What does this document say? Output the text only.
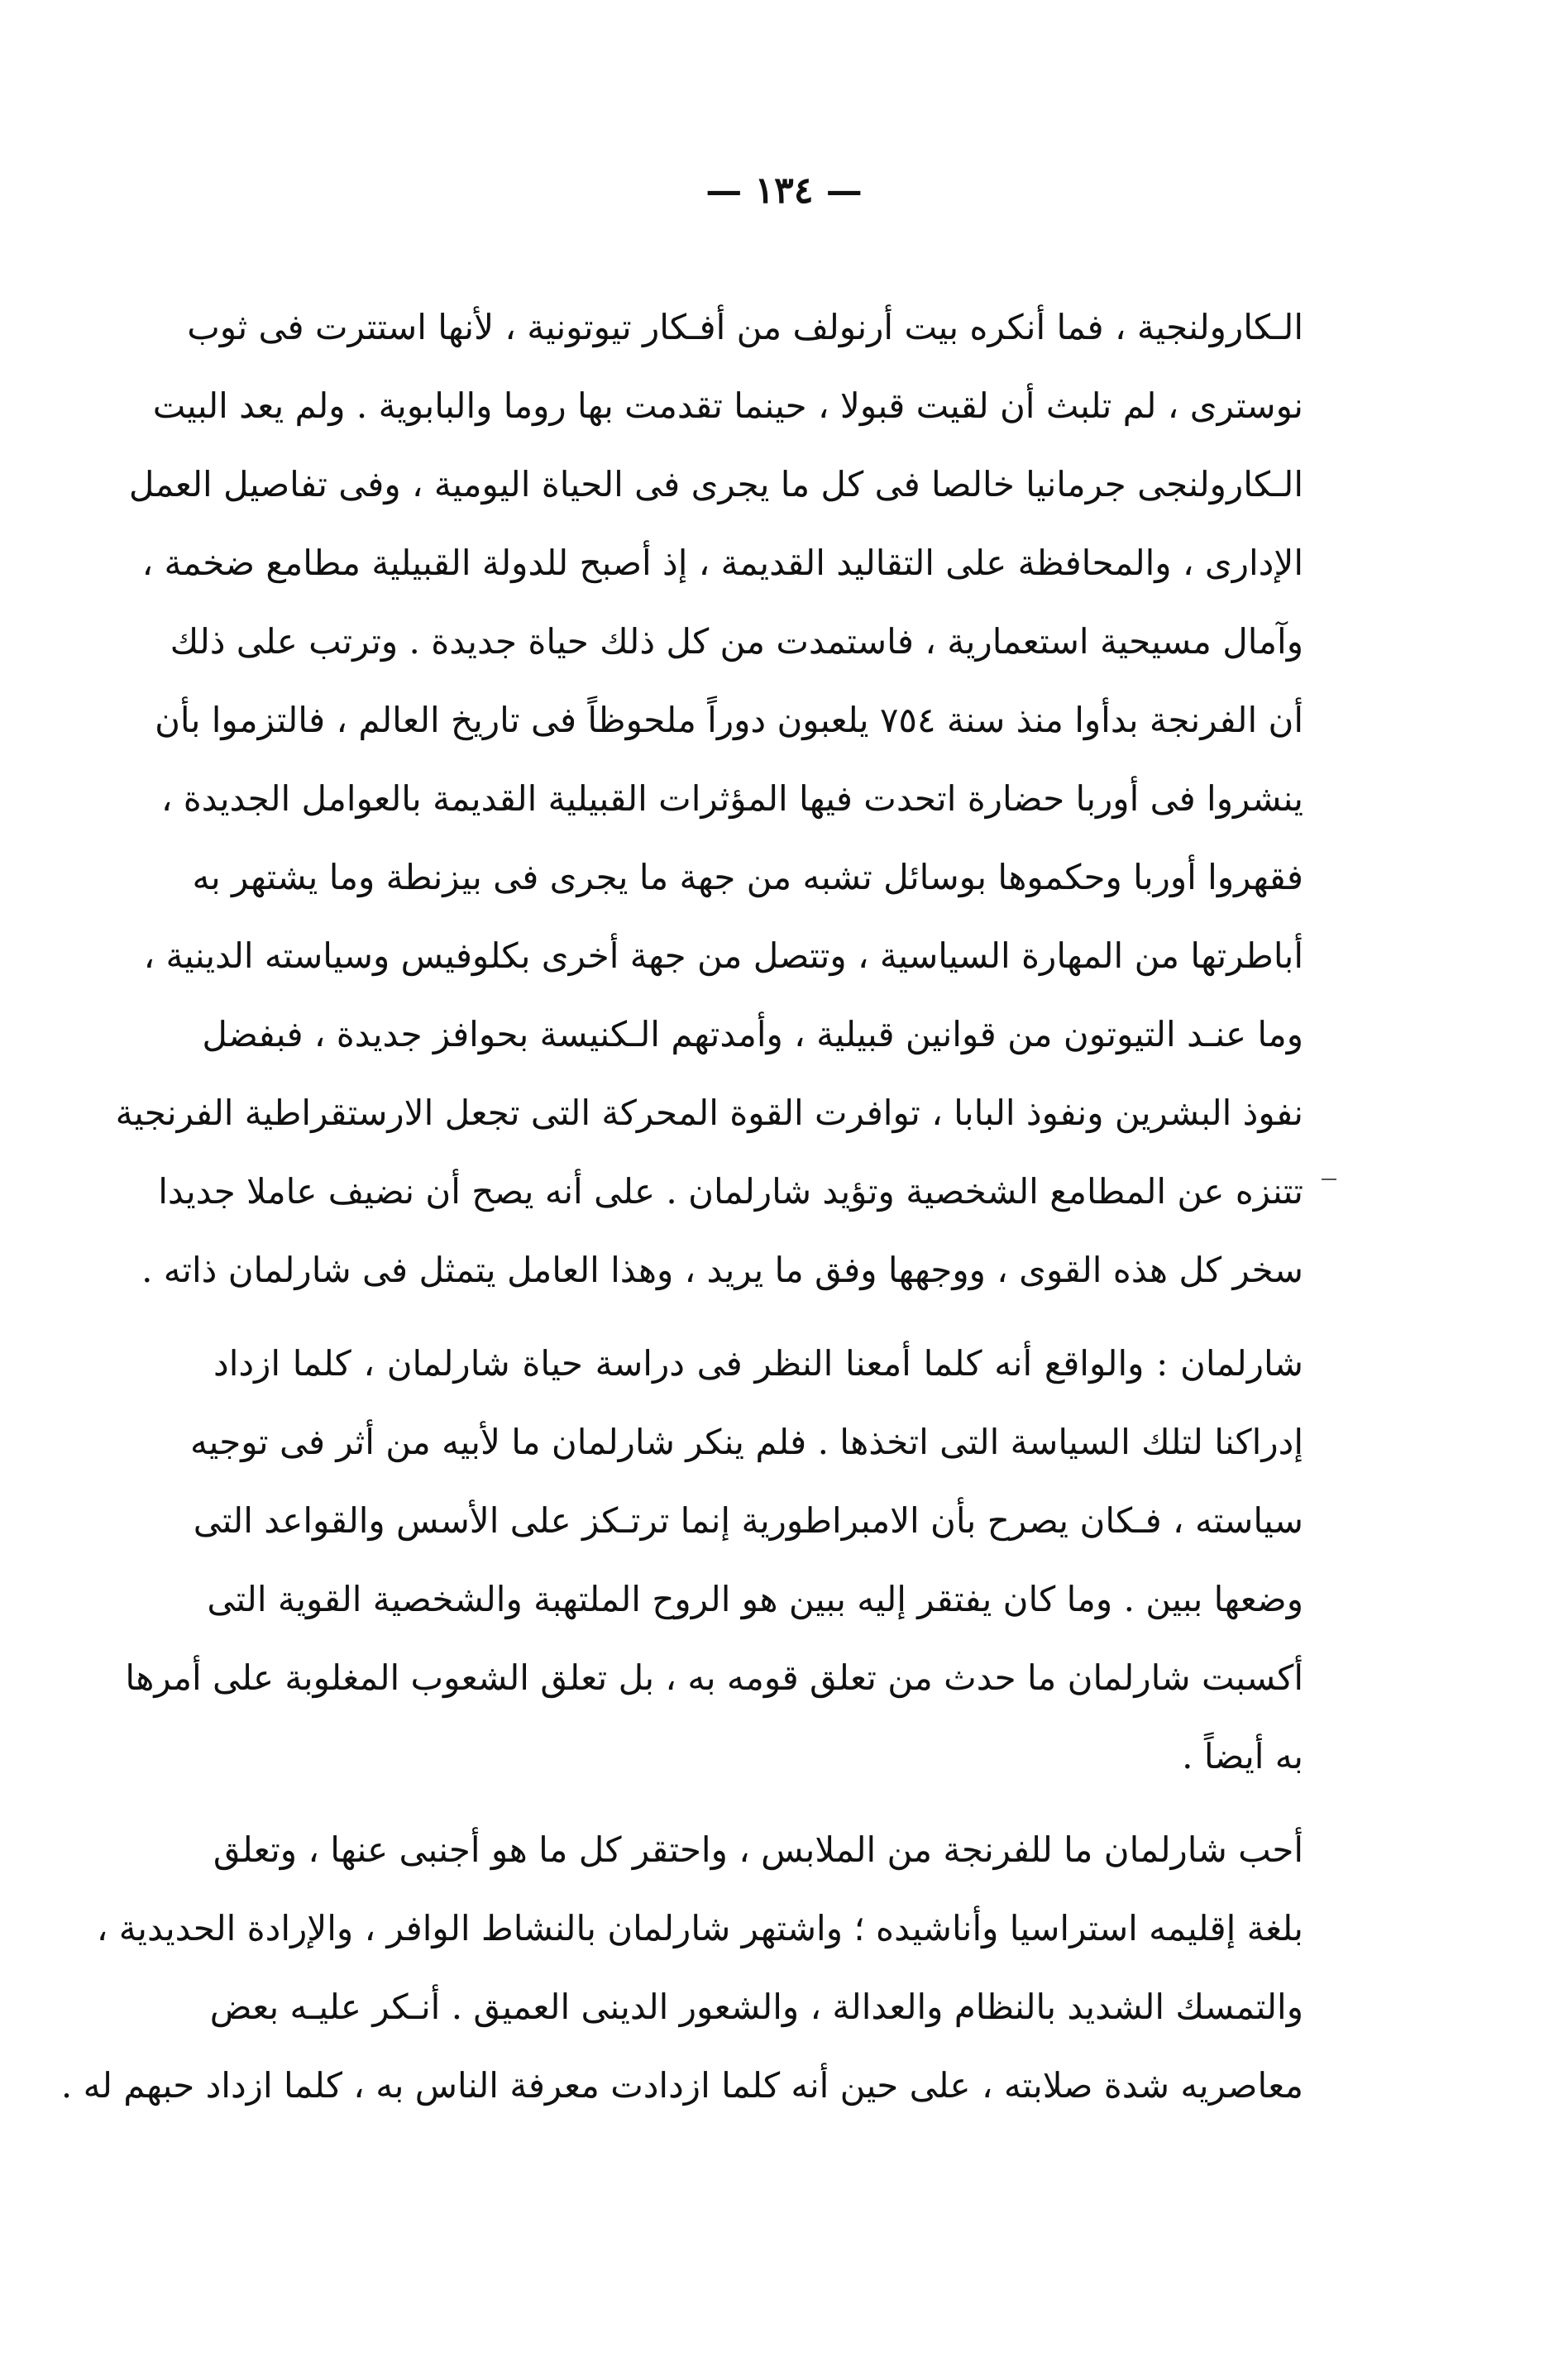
— ١٣٤ —
الـكارولنجية ، فما أنكره بيت أرنولف من أفـكار تيوتونية ، لأنها استترت فى ثوب
نوسترى ، لم تلبث أن لقيت قبولا ، حينما تقدمت بها روما والبابوية . ولم يعد البيت
الـكارولنجى جرمانيا خالصا فى كل ما يجرى فى الحياة اليومية ، وفى تفاصيل العمل
الإدارى ، والمحافظة على التقاليد القديمة ، إذ أصبح للدولة القبيلية مطامع ضخمة ،
وآمال مسيحية استعمارية ، فاستمدت من كل ذلك حياة جديدة . وترتب على ذلك
أن الفرنجة بدأوا منذ سنة ٧٥٤ يلعبون دوراً ملحوظاً فى تاريخ العالم ، فالتزموا بأن
ينشروا فى أوربا حضارة اتحدت فيها المؤثرات القبيلية القديمة بالعوامل الجديدة ،
فقهروا أوربا وحكموها بوسائل تشبه من جهة ما يجرى فى بيزنطة وما يشتهر به
أباطرتها من المهارة السياسية ، وتتصل من جهة أخرى بكلوفيس وسياسته الدينية ،
وما عنـد التيوتون من قوانين قبيلية ، وأمدتهم الـكنيسة بحوافز جديدة ، فبفضل
نفوذ البشرين ونفوذ البابا ، توافرت القوة المحركة التى تجعل الارستقراطية الفرنجية
تتنزه عن المطامع الشخصية وتؤيد شارلمان . على أنه يصح أن نضيف عاملا جديدا
سخر كل هذه القوى ، ووجهها وفق ما يريد ، وهذا العامل يتمثل فى شارلمان ذاته .
شارلمان : والواقع أنه كلما أمعنا النظر فى دراسة حياة شارلمان ، كلما ازداد
إدراكنا لتلك السياسة التى اتخذها . فلم ينكر شارلمان ما لأبيه من أثر فى توجيه
سياسته ، فـكان يصرح بأن الامبراطورية إنما ترتـكز على الأسس والقواعد التى
وضعها ببين . وما كان يفتقر إليه ببين هو الروح الملتهبة والشخصية القوية التى
أكسبت شارلمان ما حدث من تعلق قومه به ، بل تعلق الشعوب المغلوبة على أمرها
به أيضاً .
أحب شارلمان ما للفرنجة من الملابس ، واحتقر كل ما هو أجنبى عنها ، وتعلق
بلغة إقليمه استراسيا وأناشيده ؛ واشتهر شارلمان بالنشاط الوافر ، والإرادة الحديدية ،
والتمسك الشديد بالنظام والعدالة ، والشعور الدينى العميق . أنـكر عليـه بعض
معاصريه شدة صلابته ، على حين أنه كلما ازدادت معرفة الناس به ، كلما ازداد حبهم له .
